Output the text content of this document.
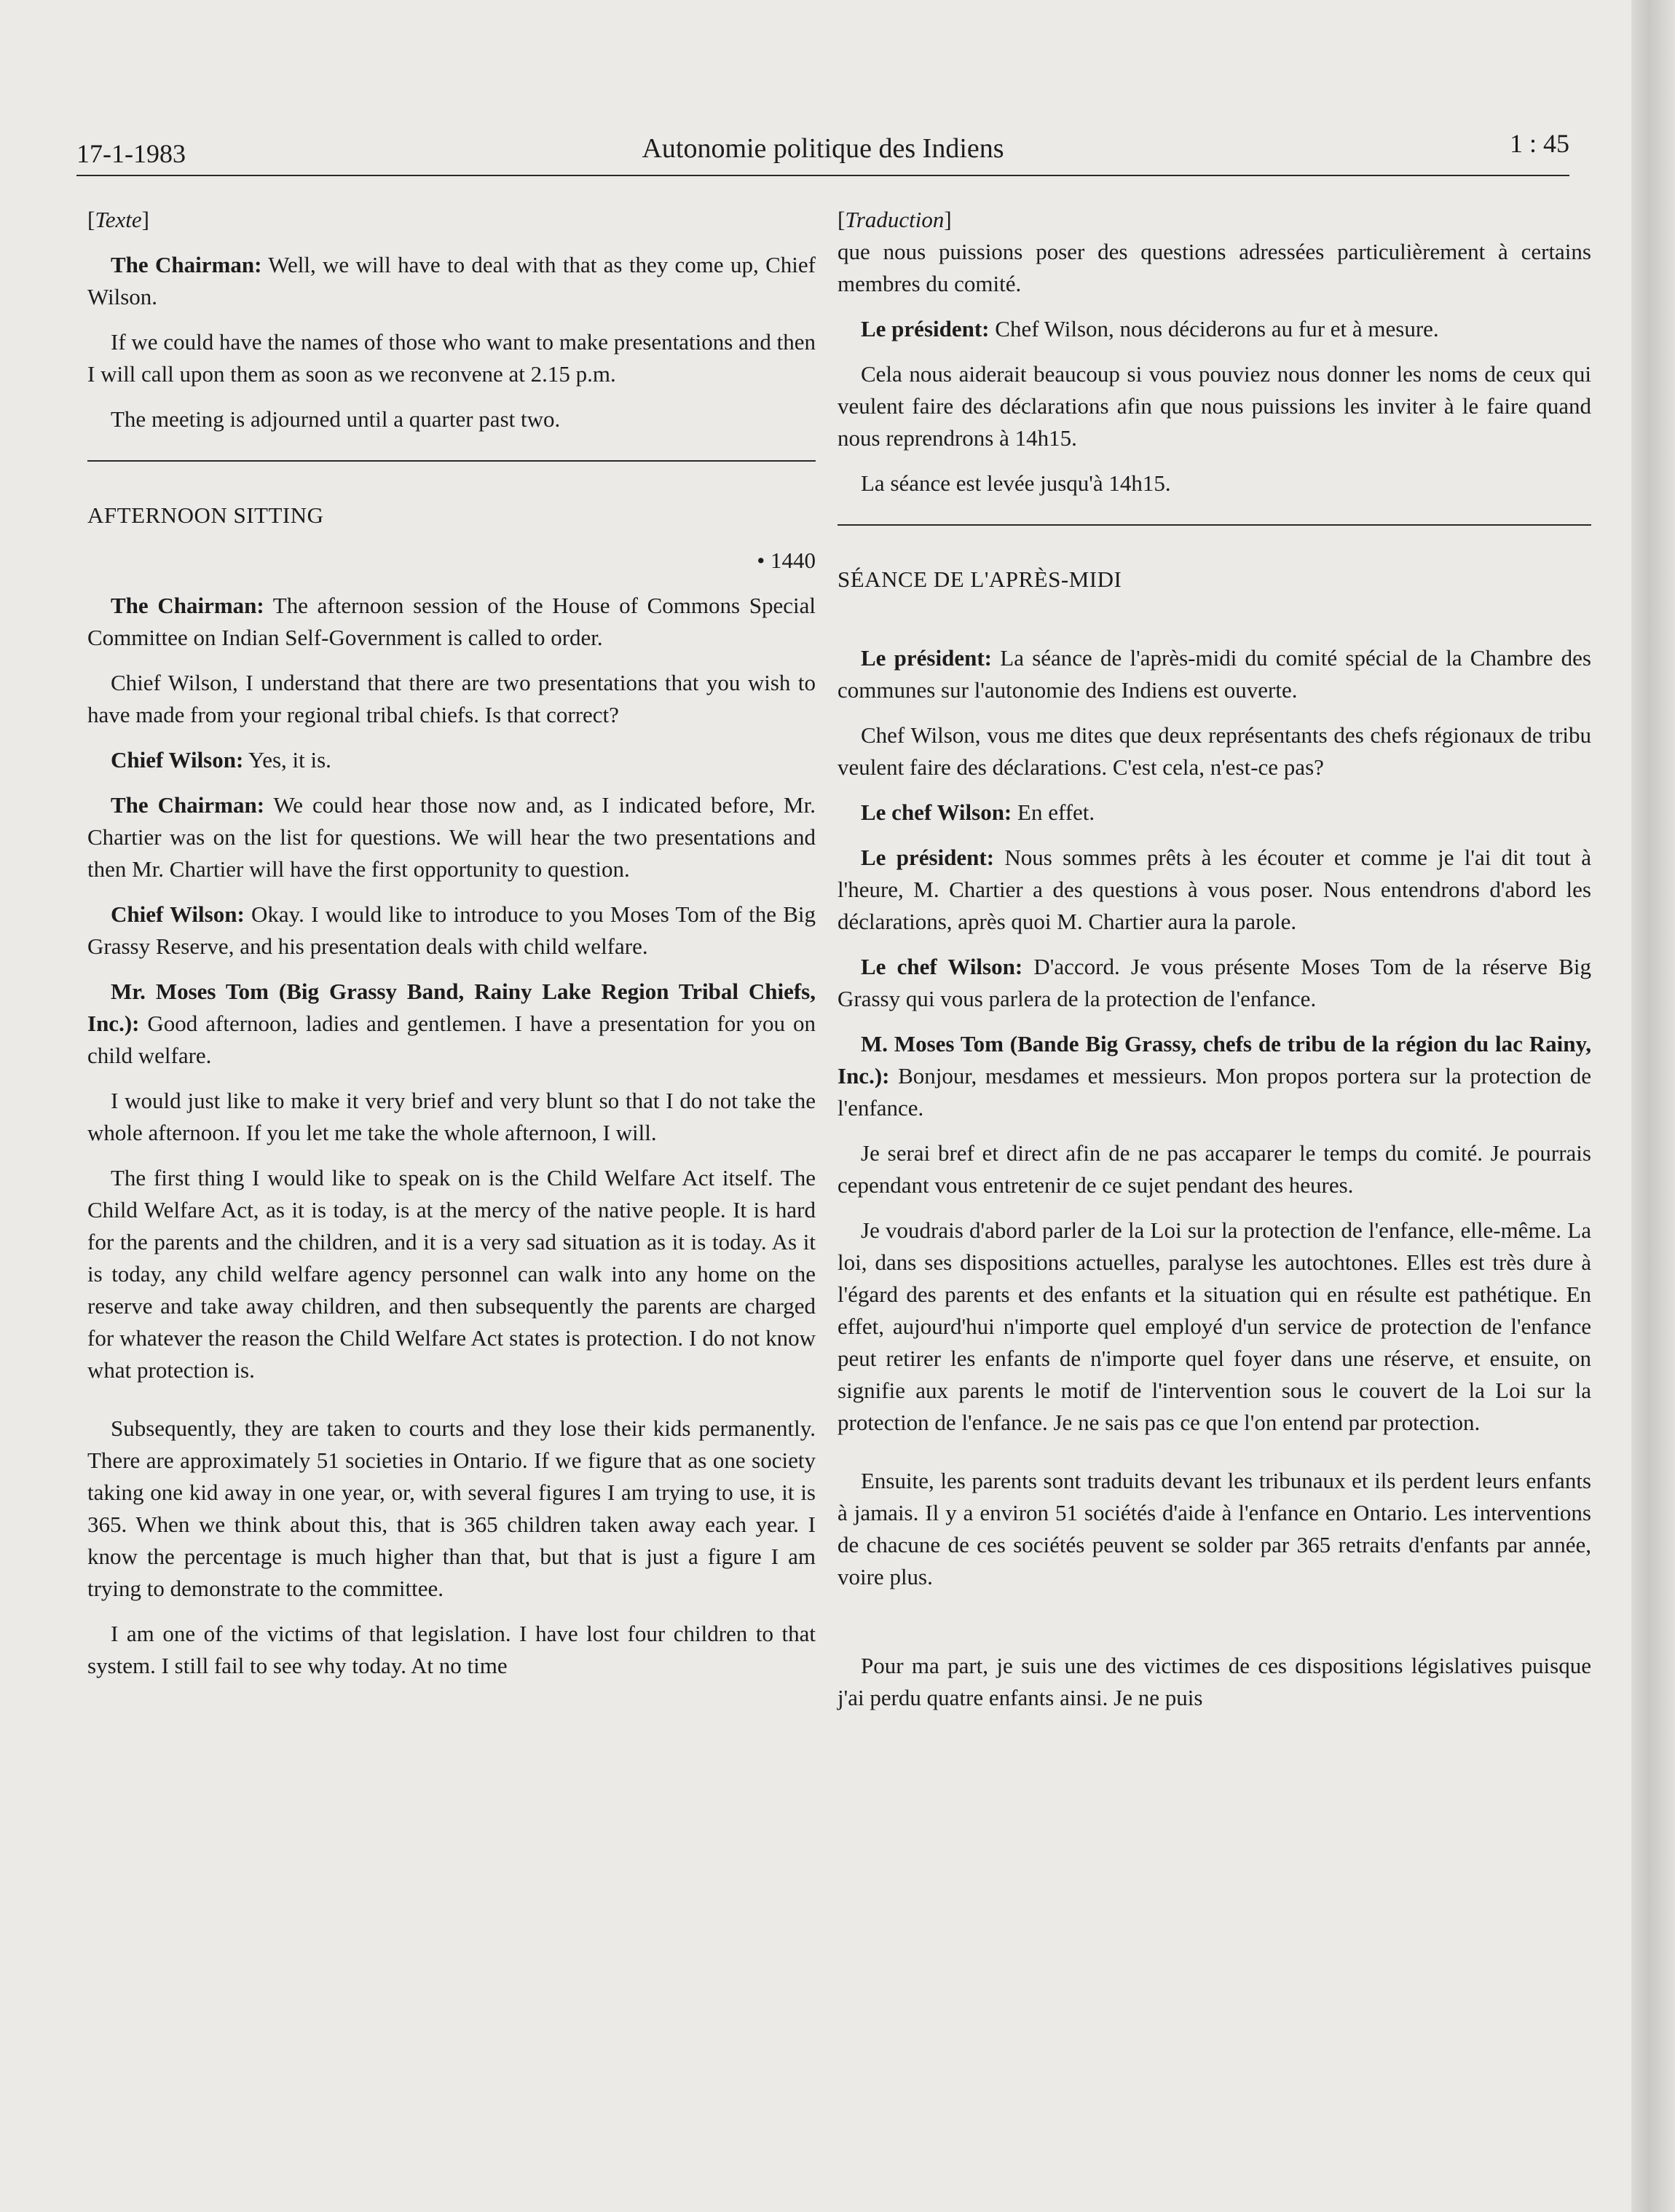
17-1-1983	Autonomie politique des Indiens	1 : 45

[Texte]

The Chairman: Well, we will have to deal with that as they come up, Chief Wilson.

If we could have the names of those who want to make presentations and then I will call upon them as soon as we reconvene at 2.15 p.m.

The meeting is adjourned until a quarter past two.

AFTERNOON SITTING

• 1440

The Chairman: The afternoon session of the House of Commons Special Committee on Indian Self-Government is called to order.

Chief Wilson, I understand that there are two presentations that you wish to have made from your regional tribal chiefs. Is that correct?

Chief Wilson: Yes, it is.

The Chairman: We could hear those now and, as I indicated before, Mr. Chartier was on the list for questions. We will hear the two presentations and then Mr. Chartier will have the first opportunity to question.

Chief Wilson: Okay. I would like to introduce to you Moses Tom of the Big Grassy Reserve, and his presentation deals with child welfare.

Mr. Moses Tom (Big Grassy Band, Rainy Lake Region Tribal Chiefs, Inc.): Good afternoon, ladies and gentlemen. I have a presentation for you on child welfare.

I would just like to make it very brief and very blunt so that I do not take the whole afternoon. If you let me take the whole afternoon, I will.

The first thing I would like to speak on is the Child Welfare Act itself. The Child Welfare Act, as it is today, is at the mercy of the native people. It is hard for the parents and the children, and it is a very sad situation as it is today. As it is today, any child welfare agency personnel can walk into any home on the reserve and take away children, and then subsequently the parents are charged for whatever the reason the Child Welfare Act states is protection. I do not know what protection is.

Subsequently, they are taken to courts and they lose their kids permanently. There are approximately 51 societies in Ontario. If we figure that as one society taking one kid away in one year, or, with several figures I am trying to use, it is 365. When we think about this, that is 365 children taken away each year. I know the percentage is much higher than that, but that is just a figure I am trying to demonstrate to the committee.

I am one of the victims of that legislation. I have lost four children to that system. I still fail to see why today. At no time

[Traduction]

que nous puissions poser des questions adressées particulièrement à certains membres du comité.

Le président: Chef Wilson, nous déciderons au fur et à mesure.

Cela nous aiderait beaucoup si vous pouviez nous donner les noms de ceux qui veulent faire des déclarations afin que nous puissions les inviter à le faire quand nous reprendrons à 14h15.

La séance est levée jusqu'à 14h15.

SÉANCE DE L'APRÈS-MIDI

Le président: La séance de l'après-midi du comité spécial de la Chambre des communes sur l'autonomie des Indiens est ouverte.

Chef Wilson, vous me dites que deux représentants des chefs régionaux de tribu veulent faire des déclarations. C'est cela, n'est-ce pas?

Le chef Wilson: En effet.

Le président: Nous sommes prêts à les écouter et comme je l'ai dit tout à l'heure, M. Chartier a des questions à vous poser. Nous entendrons d'abord les déclarations, après quoi M. Chartier aura la parole.

Le chef Wilson: D'accord. Je vous présente Moses Tom de la réserve Big Grassy qui vous parlera de la protection de l'enfance.

M. Moses Tom (Bande Big Grassy, chefs de tribu de la région du lac Rainy, Inc.): Bonjour, mesdames et messieurs. Mon propos portera sur la protection de l'enfance.

Je serai bref et direct afin de ne pas accaparer le temps du comité. Je pourrais cependant vous entretenir de ce sujet pendant des heures.

Je voudrais d'abord parler de la Loi sur la protection de l'enfance, elle-même. La loi, dans ses dispositions actuelles, paralyse les autochtones. Elles est très dure à l'égard des parents et des enfants et la situation qui en résulte est pathétique. En effet, aujourd'hui n'importe quel employé d'un service de protection de l'enfance peut retirer les enfants de n'importe quel foyer dans une réserve, et ensuite, on signifie aux parents le motif de l'intervention sous le couvert de la Loi sur la protection de l'enfance. Je ne sais pas ce que l'on entend par protection.

Ensuite, les parents sont traduits devant les tribunaux et ils perdent leurs enfants à jamais. Il y a environ 51 sociétés d'aide à l'enfance en Ontario. Les interventions de chacune de ces sociétés peuvent se solder par 365 retraits d'enfants par année, voire plus.

Pour ma part, je suis une des victimes de ces dispositions législatives puisque j'ai perdu quatre enfants ainsi. Je ne puis
